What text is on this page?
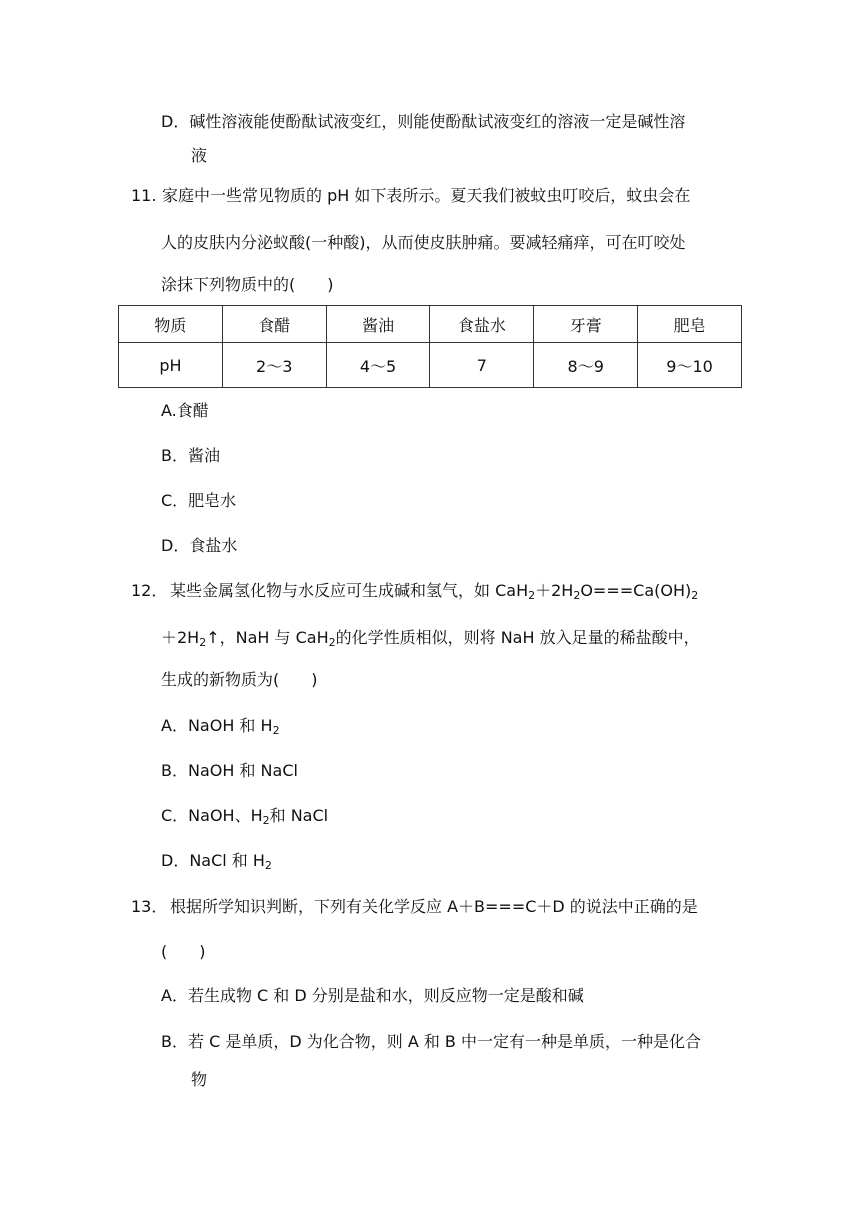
D．碱性溶液能使酚酞试液变红，则能使酚酞试液变红的溶液一定是碱性溶
液
11. 家庭中一些常见物质的 pH 如下表所示。夏天我们被蚊虫叮咬后，蚊虫会在
人的皮肤内分泌蚁酸(一种酸)，从而使皮肤肿痛。要减轻痛痒，可在叮咬处
涂抹下列物质中的(　　)
物质	食醋	酱油	食盐水	牙膏	肥皂
pH	2～3	4～5	7	8～9	9～10
A.食醋
B．酱油
C．肥皂水
D．食盐水
12． 某些金属氢化物与水反应可生成碱和氢气，如 $CaH_2+2H_2O===Ca(OH)_2$
$+2H_2↑$，NaH 与 CaH$_2$的化学性质相似，则将 NaH 放入足量的稀盐酸中，
生成的新物质为(　　)
A．NaOH 和 $H_2$
B．NaOH 和 NaCl
C．NaOH、$H_2$和 NaCl
D．NaCl 和 $H_2$
13． 根据所学知识判断，下列有关化学反应 A＋B===C＋D 的说法中正确的是
(　　)
A．若生成物 C 和 D 分别是盐和水，则反应物一定是酸和碱
B．若 C 是单质，D 为化合物，则 A 和 B 中一定有一种是单质，一种是化合
物
